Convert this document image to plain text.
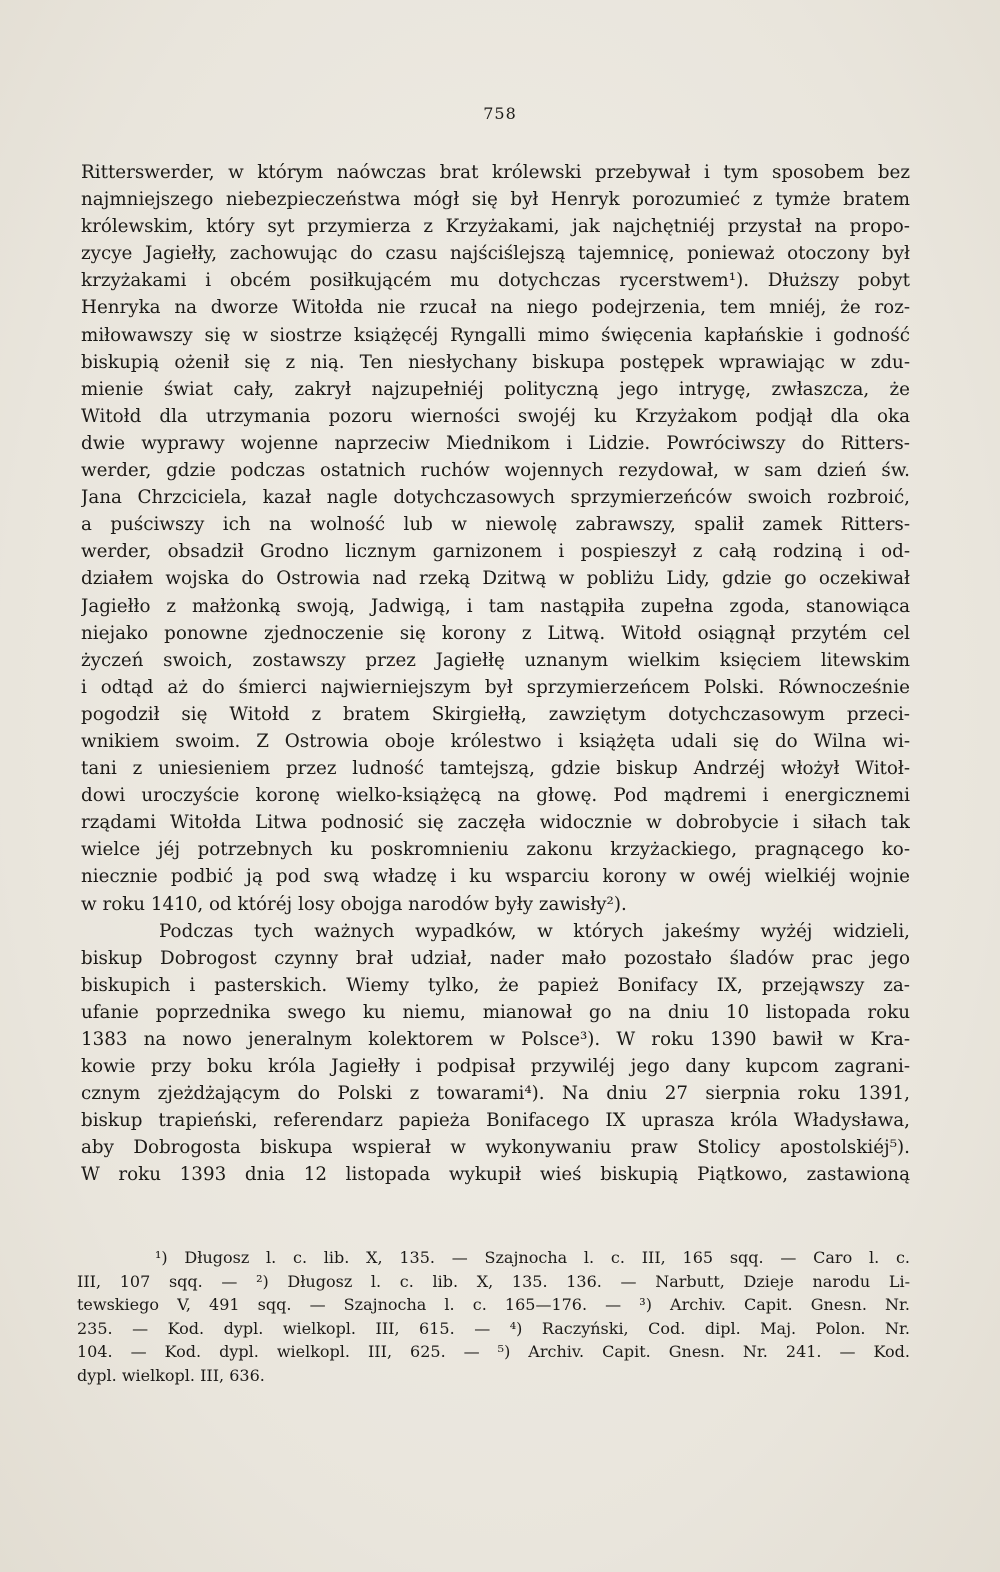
758
Ritterswerder, w którym naówczas brat królewski przebywał i tym sposobem bez
najmniejszego niebezpieczeństwa mógł się był Henryk porozumieć z tymże bratem
królewskim, który syt przymierza z Krzyżakami, jak najchętniéj przystał na propo-
zycye Jagiełły, zachowując do czasu najściślejszą tajemnicę, ponieważ otoczony był
krzyżakami i obcém posiłkującém mu dotychczas rycerstwem¹). Dłuższy pobyt
Henryka na dworze Witołda nie rzucał na niego podejrzenia, tem mniéj, że roz-
miłowawszy się w siostrze książęcéj Ryngalli mimo święcenia kapłańskie i godność
biskupią ożenił się z nią. Ten niesłychany biskupa postępek wprawiając w zdu-
mienie świat cały, zakrył najzupełniéj polityczną jego intrygę, zwłaszcza, że
Witołd dla utrzymania pozoru wierności swojéj ku Krzyżakom podjął dla oka
dwie wyprawy wojenne naprzeciw Miednikom i Lidzie. Powróciwszy do Ritters-
werder, gdzie podczas ostatnich ruchów wojennych rezydował, w sam dzień św.
Jana Chrzciciela, kazał nagle dotychczasowych sprzymierzeńców swoich rozbroić,
a puściwszy ich na wolność lub w niewolę zabrawszy, spalił zamek Ritters-
werder, obsadził Grodno licznym garnizonem i pospieszył z całą rodziną i od-
działem wojska do Ostrowia nad rzeką Dzitwą w pobliżu Lidy, gdzie go oczekiwał
Jagiełło z małżonką swoją, Jadwigą, i tam nastąpiła zupełna zgoda, stanowiąca
niejako ponowne zjednoczenie się korony z Litwą. Witołd osiągnął przytém cel
życzeń swoich, zostawszy przez Jagiełłę uznanym wielkim księciem litewskim
i odtąd aż do śmierci najwierniejszym był sprzymierzeńcem Polski. Równocześnie
pogodził się Witołd z bratem Skirgiełłą, zawziętym dotychczasowym przeci-
wnikiem swoim. Z Ostrowia oboje królestwo i książęta udali się do Wilna wi-
tani z uniesieniem przez ludność tamtejszą, gdzie biskup Andrzéj włożył Witoł-
dowi uroczyście koronę wielko-książęcą na głowę. Pod mądremi i energicznemi
rządami Witołda Litwa podnosić się zaczęła widocznie w dobrobycie i siłach tak
wielce jéj potrzebnych ku poskromnieniu zakonu krzyżackiego, pragnącego ko-
niecznie podbić ją pod swą władzę i ku wsparciu korony w owéj wielkiéj wojnie
w roku 1410, od któréj losy obojga narodów były zawisły²).
Podczas tych ważnych wypadków, w których jakeśmy wyżéj widzieli,
biskup Dobrogost czynny brał udział, nader mało pozostało śladów prac jego
biskupich i pasterskich. Wiemy tylko, że papież Bonifacy IX, przejąwszy za-
ufanie poprzednika swego ku niemu, mianował go na dniu 10 listopada roku
1383 na nowo jeneralnym kolektorem w Polsce³). W roku 1390 bawił w Kra-
kowie przy boku króla Jagiełły i podpisał przywiléj jego dany kupcom zagrani-
cznym zjeżdżającym do Polski z towarami⁴). Na dniu 27 sierpnia roku 1391,
biskup trapieński, referendarz papieża Bonifacego IX uprasza króla Władysława,
aby Dobrogosta biskupa wspierał w wykonywaniu praw Stolicy apostolskiéj⁵).
W roku 1393 dnia 12 listopada wykupił wieś biskupią Piątkowo, zastawioną
¹) Długosz l. c. lib. X, 135. — Szajnocha l. c. III, 165 sqq. — Caro l. c.
III, 107 sqq. — ²) Długosz l. c. lib. X, 135. 136. — Narbutt, Dzieje narodu Li-
tewskiego V, 491 sqq. — Szajnocha l. c. 165—176. — ³) Archiv. Capit. Gnesn. Nr.
235. — Kod. dypl. wielkopl. III, 615. — ⁴) Raczyński, Cod. dipl. Maj. Polon. Nr.
104. — Kod. dypl. wielkopl. III, 625. — ⁵) Archiv. Capit. Gnesn. Nr. 241. — Kod.
dypl. wielkopl. III, 636.
